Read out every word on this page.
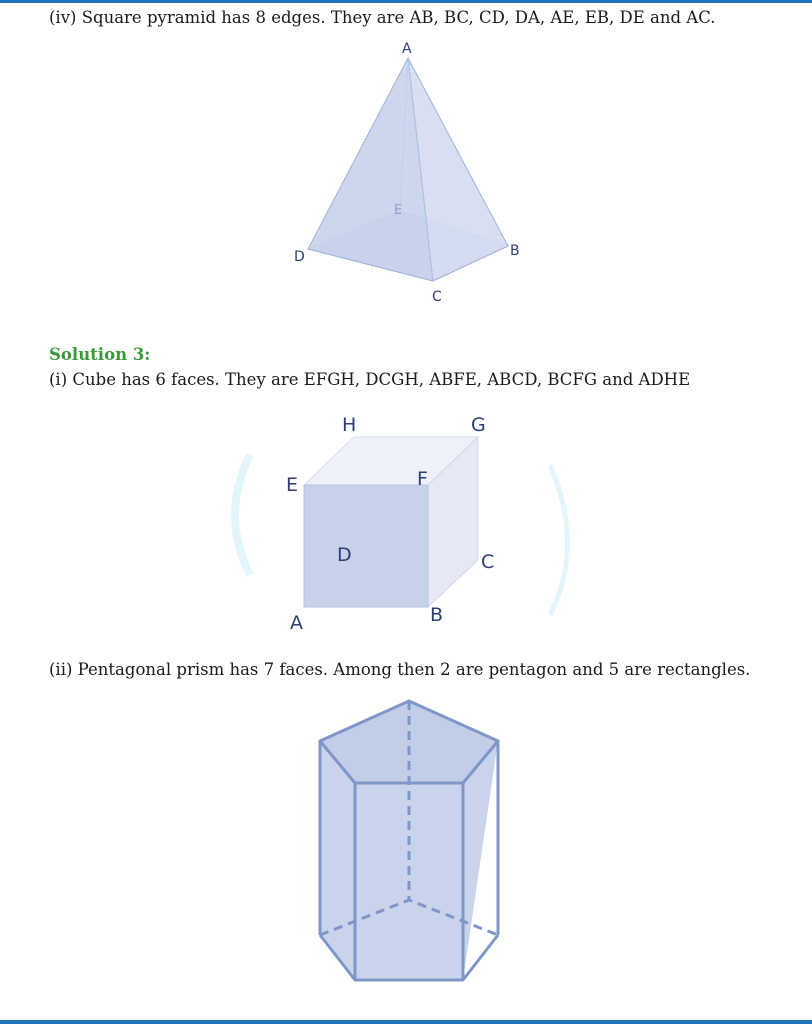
(iv) Square pyramid has 8 edges. They are AB, BC, CD, DA, AE, EB, DE and AC.
A
B
C
D
E
Solution 3:
(i) Cube has 6 faces. They are EFGH, DCGH, ABFE, ABCD, BCFG and ADHE
H	G
E	F
D	C
B
A
(ii) Pentagonal prism has 7 faces. Among then 2 are pentagon and 5 are rectangles.
